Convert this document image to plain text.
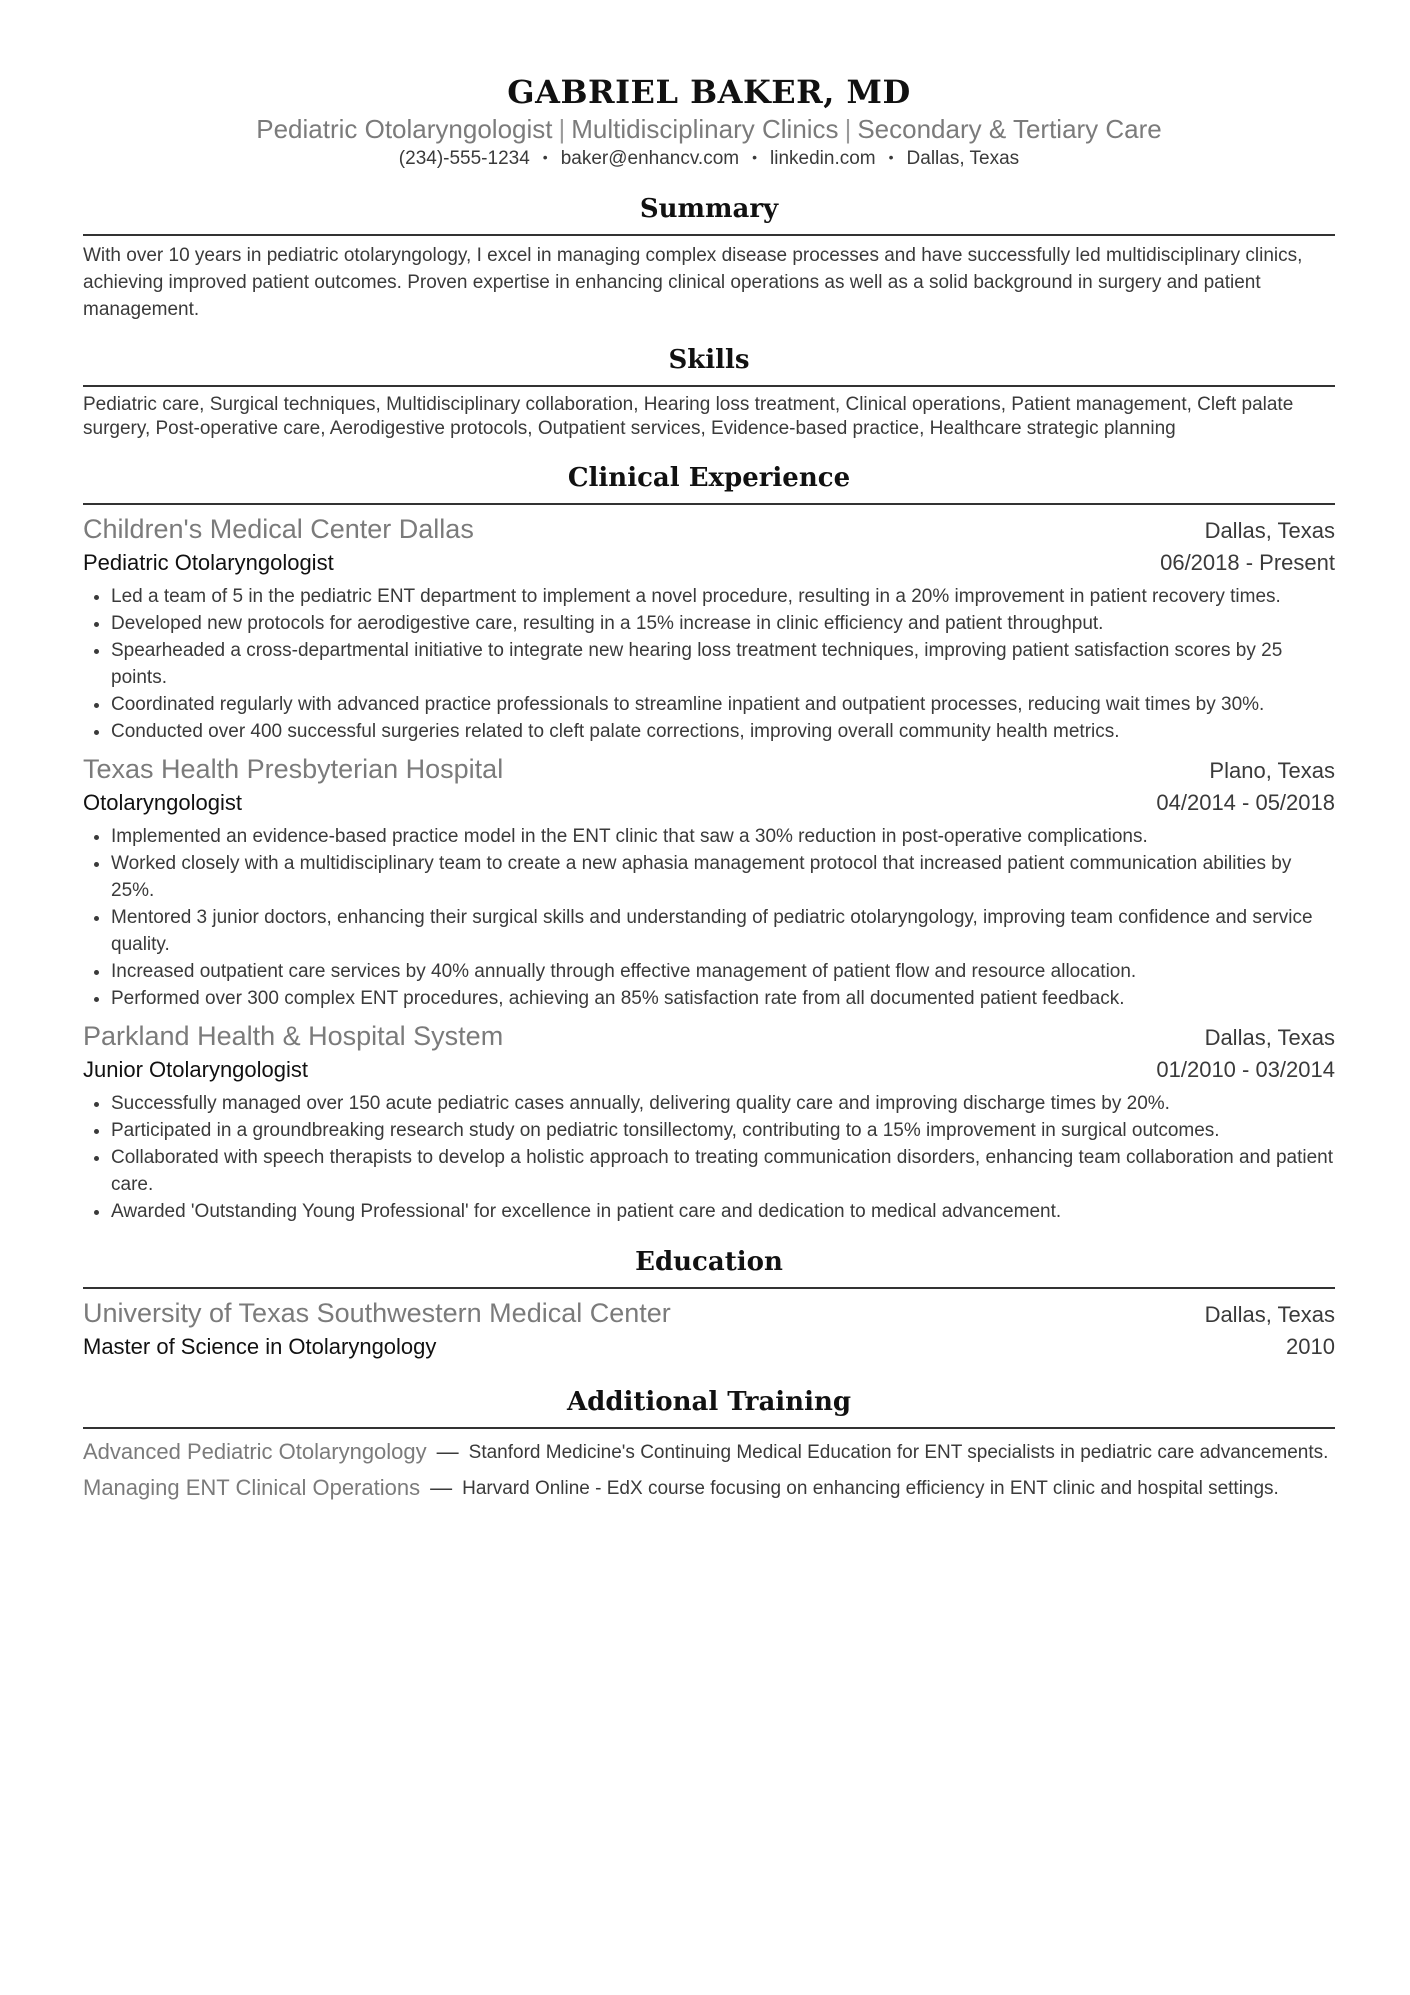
GABRIEL BAKER, MD
Pediatric Otolaryngologist | Multidisciplinary Clinics | Secondary & Tertiary Care
(234)-555-1234 • baker@enhancv.com • linkedin.com • Dallas, Texas
Summary
With over 10 years in pediatric otolaryngology, I excel in managing complex disease processes and have successfully led multidisciplinary clinics, achieving improved patient outcomes. Proven expertise in enhancing clinical operations as well as a solid background in surgery and patient management.
Skills
Pediatric care, Surgical techniques, Multidisciplinary collaboration, Hearing loss treatment, Clinical operations, Patient management, Cleft palate surgery, Post-operative care, Aerodigestive protocols, Outpatient services, Evidence-based practice, Healthcare strategic planning
Clinical Experience
Children's Medical Center Dallas	Dallas, Texas
Pediatric Otolaryngologist	06/2018 - Present
• Led a team of 5 in the pediatric ENT department to implement a novel procedure, resulting in a 20% improvement in patient recovery times.
• Developed new protocols for aerodigestive care, resulting in a 15% increase in clinic efficiency and patient throughput.
• Spearheaded a cross-departmental initiative to integrate new hearing loss treatment techniques, improving patient satisfaction scores by 25 points.
• Coordinated regularly with advanced practice professionals to streamline inpatient and outpatient processes, reducing wait times by 30%.
• Conducted over 400 successful surgeries related to cleft palate corrections, improving overall community health metrics.
Texas Health Presbyterian Hospital	Plano, Texas
Otolaryngologist	04/2014 - 05/2018
• Implemented an evidence-based practice model in the ENT clinic that saw a 30% reduction in post-operative complications.
• Worked closely with a multidisciplinary team to create a new aphasia management protocol that increased patient communication abilities by 25%.
• Mentored 3 junior doctors, enhancing their surgical skills and understanding of pediatric otolaryngology, improving team confidence and service quality.
• Increased outpatient care services by 40% annually through effective management of patient flow and resource allocation.
• Performed over 300 complex ENT procedures, achieving an 85% satisfaction rate from all documented patient feedback.
Parkland Health & Hospital System	Dallas, Texas
Junior Otolaryngologist	01/2010 - 03/2014
• Successfully managed over 150 acute pediatric cases annually, delivering quality care and improving discharge times by 20%.
• Participated in a groundbreaking research study on pediatric tonsillectomy, contributing to a 15% improvement in surgical outcomes.
• Collaborated with speech therapists to develop a holistic approach to treating communication disorders, enhancing team collaboration and patient care.
• Awarded 'Outstanding Young Professional' for excellence in patient care and dedication to medical advancement.
Education
University of Texas Southwestern Medical Center	Dallas, Texas
Master of Science in Otolaryngology	2010
Additional Training
Advanced Pediatric Otolaryngology — Stanford Medicine's Continuing Medical Education for ENT specialists in pediatric care advancements.
Managing ENT Clinical Operations — Harvard Online - EdX course focusing on enhancing efficiency in ENT clinic and hospital settings.
